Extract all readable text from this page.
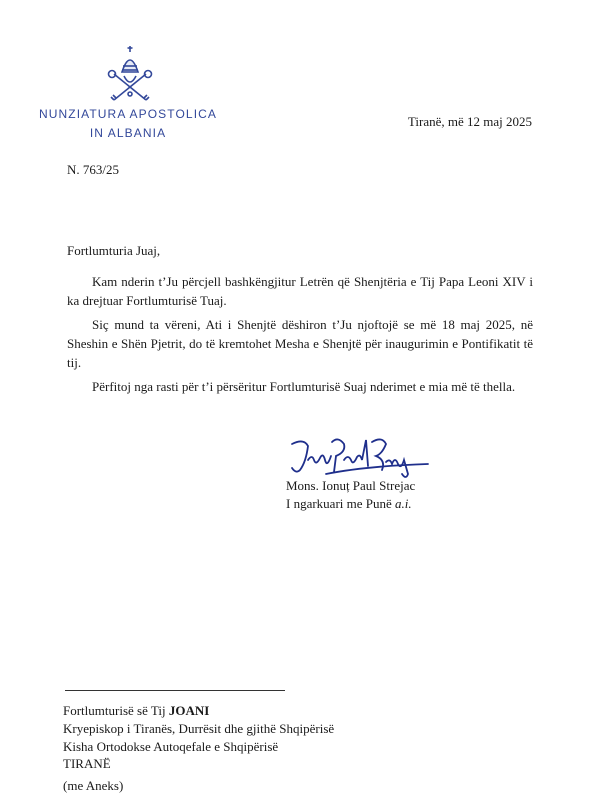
NUNZIATURA APOSTOLICA
IN ALBANIA
Tiranë, më 12 maj 2025
N. 763/25
Fortlumturia Juaj,

Kam nderin t’Ju përcjell bashkëngjitur Letrën që Shenjtëria e Tij Papa Leoni XIV i ka drejtuar Fortlumturisë Tuaj.

Siç mund ta vëreni, Ati i Shenjtë dëshiron t’Ju njoftojë se më 18 maj 2025, në Sheshin e Shën Pjetrit, do të kremtohet Mesha e Shenjtë për inaugurimin e Pontifikatit të tij.

Përfitoj nga rasti për t’i përsëritur Fortlumturisë Suaj nderimet e mia më të thella.

Mons. Ionuț Paul Strejac
I ngarkuari me Punë a.i.
Fortlumturisë së Tij JOANI
Kryepiskop i Tiranës, Durrësit dhe gjithë Shqipërisë
Kisha Ortodokse Autoqefale e Shqipërisë
TIRANË
(me Aneks)
